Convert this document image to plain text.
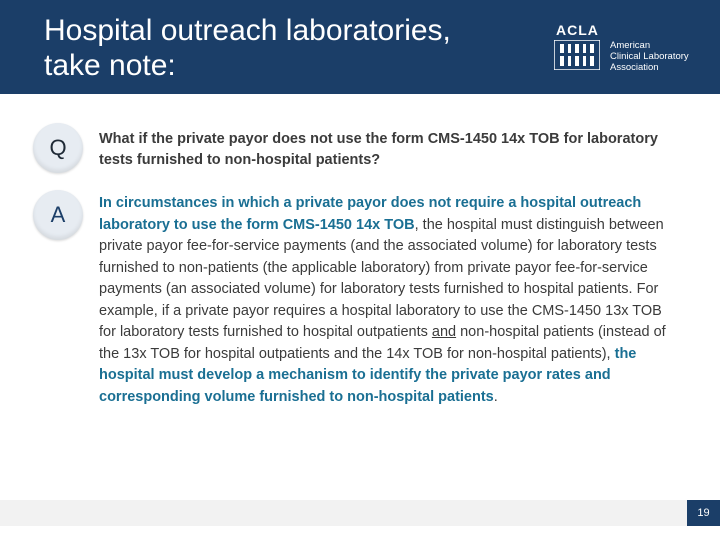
Hospital outreach laboratories, take note:
ACLA
American
Clinical Laboratory
Association
Q	What if the private payor does not use the form CMS-1450 14x TOB for laboratory tests furnished to non-hospital patients?

A	In circumstances in which a private payor does not require a hospital outreach laboratory to use the form CMS-1450 14x TOB, the hospital must distinguish between private payor fee-for-service payments (and the associated volume) for laboratory tests furnished to non-patients (the applicable laboratory) from private payor fee-for-service payments (an associated volume) for laboratory tests furnished to hospital patients. For example, if a private payor requires a hospital laboratory to use the CMS-1450 13x TOB for laboratory tests furnished to hospital outpatients and non-hospital patients (instead of the 13x TOB for hospital outpatients and the 14x TOB for non-hospital patients), the hospital must develop a mechanism to identify the private payor rates and corresponding volume furnished to non-hospital patients.

19
